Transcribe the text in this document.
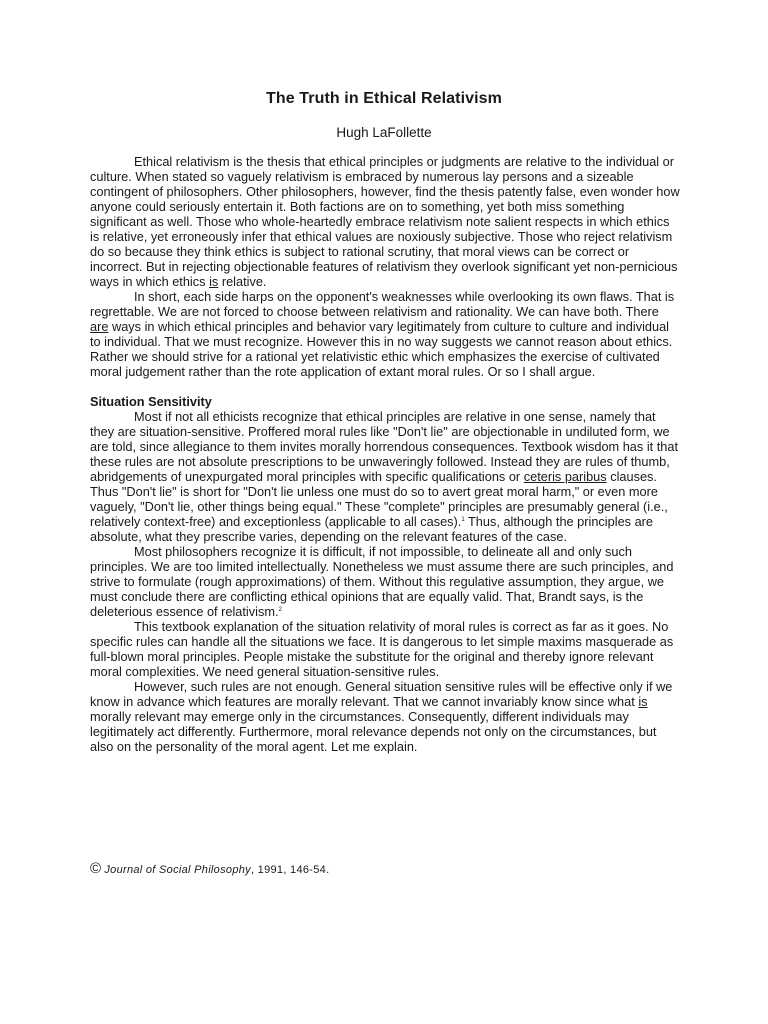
The Truth in Ethical Relativism
Hugh LaFollette

Ethical relativism is the thesis that ethical principles or judgments are relative to the individual or culture. When stated so vaguely relativism is embraced by numerous lay persons and a sizeable contingent of philosophers. Other philosophers, however, find the thesis patently false, even wonder how anyone could seriously entertain it. Both factions are on to something, yet both miss something significant as well. Those who whole-heartedly embrace relativism note salient respects in which ethics is relative, yet erroneously infer that ethical values are noxiously subjective. Those who reject relativism do so because they think ethics is subject to rational scrutiny, that moral views can be correct or incorrect. But in rejecting objectionable features of relativism they overlook significant yet non-pernicious ways in which ethics is relative.

In short, each side harps on the opponent's weaknesses while overlooking its own flaws. That is regrettable. We are not forced to choose between relativism and rationality. We can have both. There are ways in which ethical principles and behavior vary legitimately from culture to culture and individual to individual. That we must recognize. However this in no way suggests we cannot reason about ethics. Rather we should strive for a rational yet relativistic ethic which emphasizes the exercise of cultivated moral judgement rather than the rote application of extant moral rules. Or so I shall argue.

Situation Sensitivity

Most if not all ethicists recognize that ethical principles are relative in one sense, namely that they are situation-sensitive. Proffered moral rules like "Don't lie" are objectionable in undiluted form, we are told, since allegiance to them invites morally horrendous consequences. Textbook wisdom has it that these rules are not absolute prescriptions to be unwaveringly followed. Instead they are rules of thumb, abridgements of unexpurgated moral principles with specific qualifications or ceteris paribus clauses. Thus "Don't lie" is short for "Don't lie unless one must do so to avert great moral harm," or even more vaguely, "Don't lie, other things being equal." These "complete" principles are presumably general (i.e., relatively context-free) and exceptionless (applicable to all cases).$^1$ Thus, although the principles are absolute, what they prescribe varies, depending on the relevant features of the case.

Most philosophers recognize it is difficult, if not impossible, to delineate all and only such principles. We are too limited intellectually. Nonetheless we must assume there are such principles, and strive to formulate (rough approximations) of them. Without this regulative assumption, they argue, we must conclude there are conflicting ethical opinions that are equally valid. That, Brandt says, is the deleterious essence of relativism.$^2$

This textbook explanation of the situation relativity of moral rules is correct as far as it goes. No specific rules can handle all the situations we face. It is dangerous to let simple maxims masquerade as full-blown moral principles. People mistake the substitute for the original and thereby ignore relevant moral complexities. We need general situation-sensitive rules.

However, such rules are not enough. General situation sensitive rules will be effective only if we know in advance which features are morally relevant. That we cannot invariably know since what is morally relevant may emerge only in the circumstances. Consequently, different individuals may legitimately act differently. Furthermore, moral relevance depends not only on the circumstances, but also on the personality of the moral agent. Let me explain.

© Journal of Social Philosophy, 1991, 146-54.
